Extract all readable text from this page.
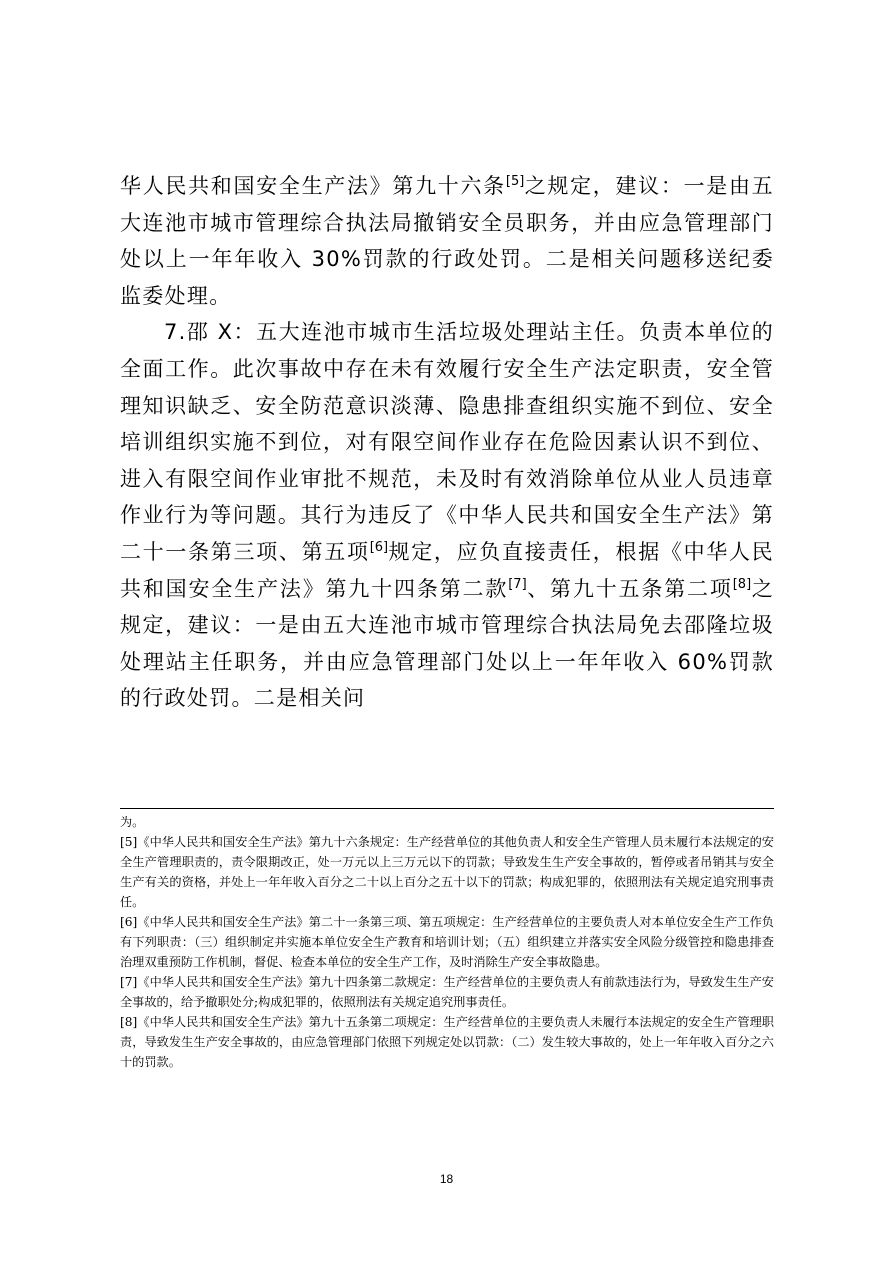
华人民共和国安全生产法》第九十六条[5]之规定，建议：一是由五大连池市城市管理综合执法局撤销安全员职务，并由应急管理部门处以上一年年收入 30%罚款的行政处罚。二是相关问题移送纪委监委处理。

7.邵 X：五大连池市城市生活垃圾处理站主任。负责本单位的全面工作。此次事故中存在未有效履行安全生产法定职责，安全管理知识缺乏、安全防范意识淡薄、隐患排查组织实施不到位、安全培训组织实施不到位，对有限空间作业存在危险因素认识不到位、进入有限空间作业审批不规范，未及时有效消除单位从业人员违章作业行为等问题。其行为违反了《中华人民共和国安全生产法》第二十一条第三项、第五项[6]规定，应负直接责任，根据《中华人民共和国安全生产法》第九十四条第二款[7]、第九十五条第二项[8]之规定，建议：一是由五大连池市城市管理综合执法局免去邵隆垃圾处理站主任职务，并由应急管理部门处以上一年年收入 60%罚款的行政处罚。二是相关问

为。

[5]《中华人民共和国安全生产法》第九十六条规定：生产经营单位的其他负责人和安全生产管理人员未履行本法规定的安全生产管理职责的，责令限期改正，处一万元以上三万元以下的罚款；导致发生生产安全事故的，暂停或者吊销其与安全生产有关的资格，并处上一年年收入百分之二十以上百分之五十以下的罚款；构成犯罪的，依照刑法有关规定追究刑事责任。

[6]《中华人民共和国安全生产法》第二十一条第三项、第五项规定：生产经营单位的主要负责人对本单位安全生产工作负有下列职责：（三）组织制定并实施本单位安全生产教育和培训计划；（五）组织建立并落实安全风险分级管控和隐患排查治理双重预防工作机制，督促、检查本单位的安全生产工作，及时消除生产安全事故隐患。

[7]《中华人民共和国安全生产法》第九十四条第二款规定：生产经营单位的主要负责人有前款违法行为，导致发生生产安全事故的，给予撤职处分;构成犯罪的，依照刑法有关规定追究刑事责任。

[8]《中华人民共和国安全生产法》第九十五条第二项规定：生产经营单位的主要负责人未履行本法规定的安全生产管理职责，导致发生生产安全事故的，由应急管理部门依照下列规定处以罚款：（二）发生较大事故的，处上一年年收入百分之六十的罚款。

18
